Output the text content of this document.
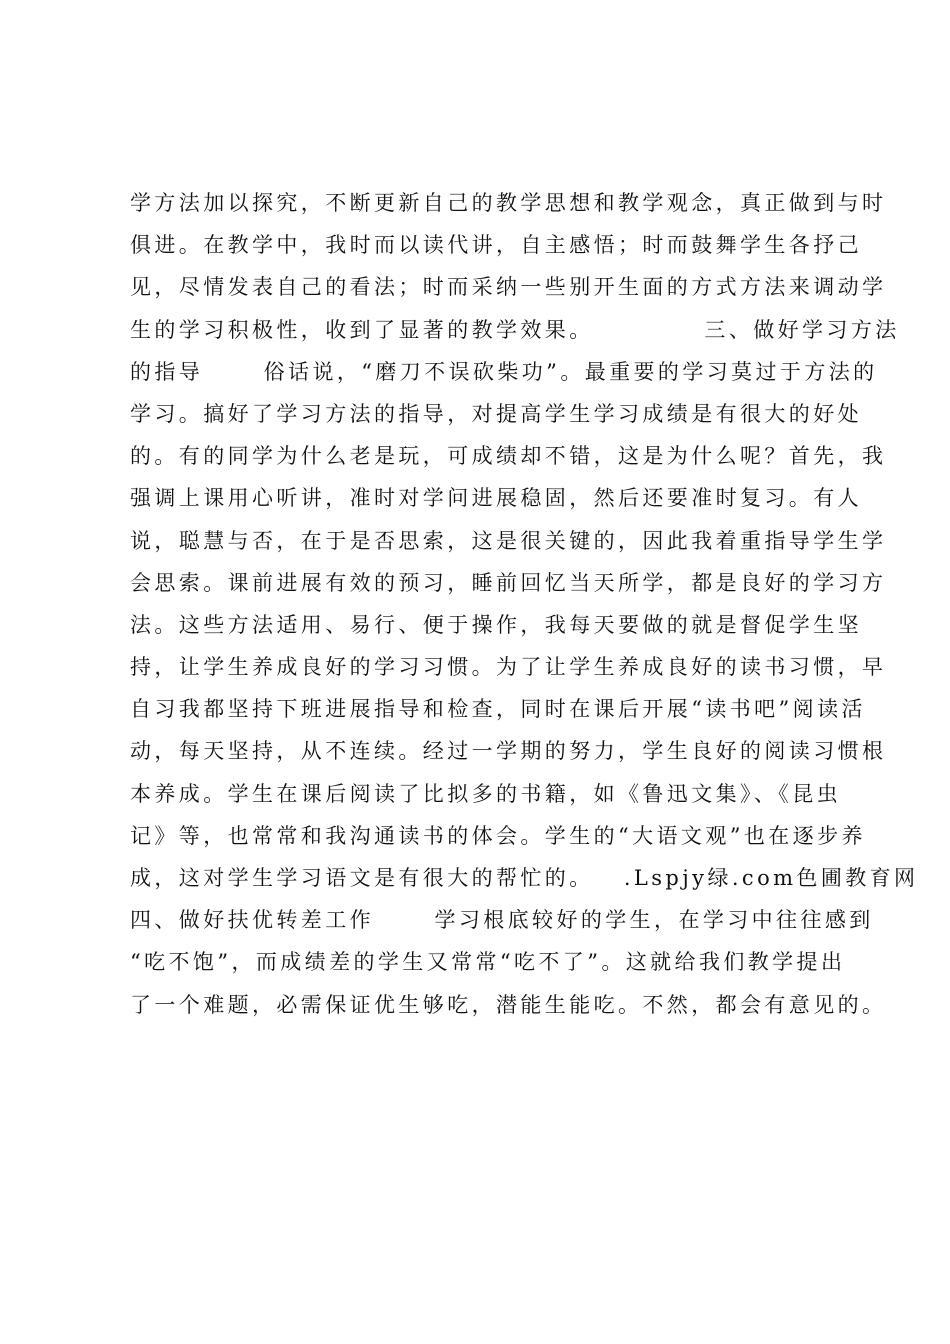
学方法加以探究，不断更新自己的教学思想和教学观念，真正做到与时
俱进。在教学中，我时而以读代讲，自主感悟；时而鼓舞学生各抒己
见，尽情发表自己的看法；时而采纳一些别开生面的方式方法来调动学
生的学习积极性，收到了显著的教学效果。           三、做好学习方法
的指导      俗话说，“磨刀不误砍柴功”。最重要的学习莫过于方法的
学习。搞好了学习方法的指导，对提高学生学习成绩是有很大的好处
的。有的同学为什么老是玩，可成绩却不错，这是为什么呢？首先，我
强调上课用心听讲，准时对学问进展稳固，然后还要准时复习。有人
说，聪慧与否，在于是否思索，这是很关键的，因此我着重指导学生学
会思索。课前进展有效的预习，睡前回忆当天所学，都是良好的学习方
法。这些方法适用、易行、便于操作，我每天要做的就是督促学生坚
持，让学生养成良好的学习习惯。为了让学生养成良好的读书习惯，早
自习我都坚持下班进展指导和检查，同时在课后开展“读书吧”阅读活
动，每天坚持，从不连续。经过一学期的努力，学生良好的阅读习惯根
本养成。学生在课后阅读了比拟多的书籍，如《鲁迅文集》、《昆虫
记》等，也常常和我沟通读书的体会。学生的“大语文观”也在逐步养
成，这对学生学习语文是有很大的帮忙的。   .Lspjy绿.com色圃教育网
四、做好扶优转差工作      学习根底较好的学生，在学习中往往感到
“吃不饱”，而成绩差的学生又常常“吃不了”。这就给我们教学提出
了一个难题，必需保证优生够吃，潜能生能吃。不然，都会有意见的。
